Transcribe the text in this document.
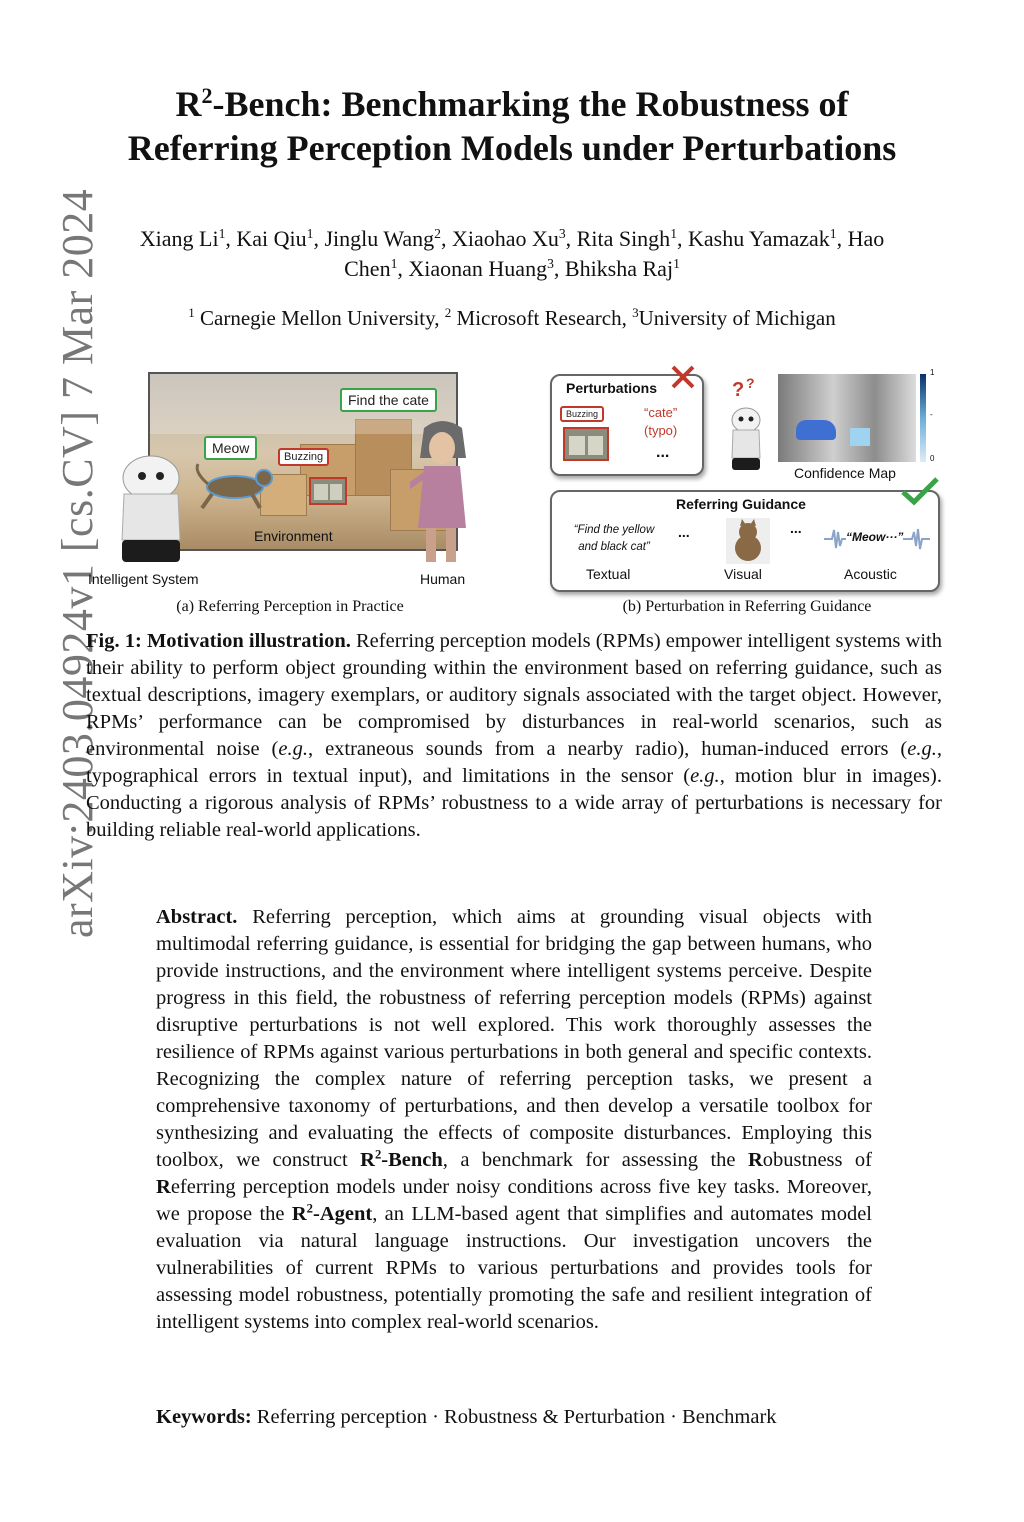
arXiv:2403.04924v1 [cs.CV] 7 Mar 2024
$R^2$-Bench: Benchmarking the Robustness of
Referring Perception Models under Perturbations
Xiang Li$^1$, Kai Qiu$^1$, Jinglu Wang$^2$, Xiaohao Xu$^3$, Rita Singh$^1$, Kashu Yamazak$^1$, Hao Chen$^1$, Xiaonan Huang$^3$, Bhiksha Raj$^1$
$^1$ Carnegie Mellon University, $^2$ Microsoft Research, $^3$University of Michigan
Find the cate
Meow
Buzzing
Environment
Intelligent System	Human
(a) Referring Perception in Practice
Perturbations
Buzzing	“cate”
(typo)
...
? ?
1
-
0
Confidence Map
Referring Guidance
“Find the yellow and black cat”
...	...
“Meow···”
Textual	Visual	Acoustic
(b) Perturbation in Referring Guidance
Fig. 1: Motivation illustration. Referring perception models (RPMs) empower intelligent systems with their ability to perform object grounding within the environment based on referring guidance, such as textual descriptions, imagery exemplars, or auditory signals associated with the target object. However, RPMs’ performance can be compromised by disturbances in real-world scenarios, such as environmental noise (e.g., extraneous sounds from a nearby radio), human-induced errors (e.g., typographical errors in textual input), and limitations in the sensor (e.g., motion blur in images). Conducting a rigorous analysis of RPMs’ robustness to a wide array of perturbations is necessary for building reliable real-world applications.
Abstract. Referring perception, which aims at grounding visual objects with multimodal referring guidance, is essential for bridging the gap between humans, who provide instructions, and the environment where intelligent systems perceive. Despite progress in this field, the robustness of referring perception models (RPMs) against disruptive perturbations is not well explored. This work thoroughly assesses the resilience of RPMs against various perturbations in both general and specific contexts. Recognizing the complex nature of referring perception tasks, we present a comprehensive taxonomy of perturbations, and then develop a versatile toolbox for synthesizing and evaluating the effects of composite disturbances. Employing this toolbox, we construct $R^2$-Bench, a benchmark for assessing the Robustness of Referring perception models under noisy conditions across five key tasks. Moreover, we propose the $R^2$-Agent, an LLM-based agent that simplifies and automates model evaluation via natural language instructions. Our investigation uncovers the vulnerabilities of current RPMs to various perturbations and provides tools for assessing model robustness, potentially promoting the safe and resilient integration of intelligent systems into complex real-world scenarios.
Keywords: Referring perception · Robustness & Perturbation · Benchmark
